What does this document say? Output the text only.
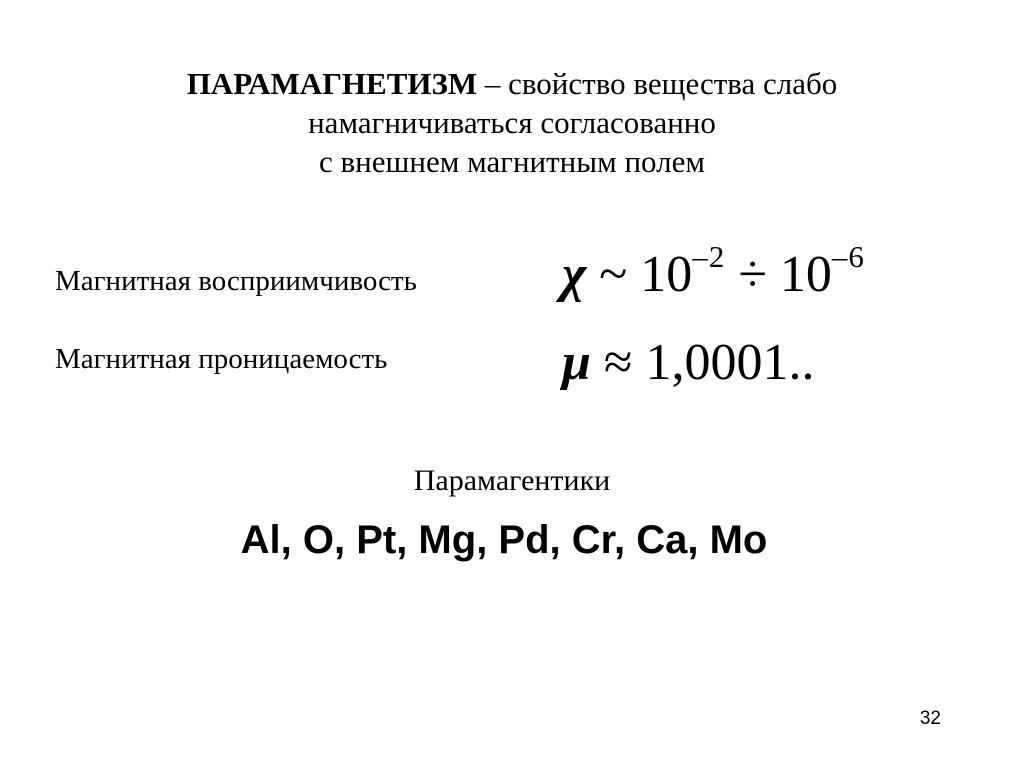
ПАРАМАГНЕТИЗМ – свойство вещества слабо
намагничиваться согласованно
с внешнем магнитным полем
Магнитная восприимчивость	χ ~ $10^{-2} \div 10^{-6}$
Магнитная проницаемость	μ ≈ 1,0001..
Парамагентики
Al, O, Pt, Mg, Pd, Cr, Ca, Mo
32
